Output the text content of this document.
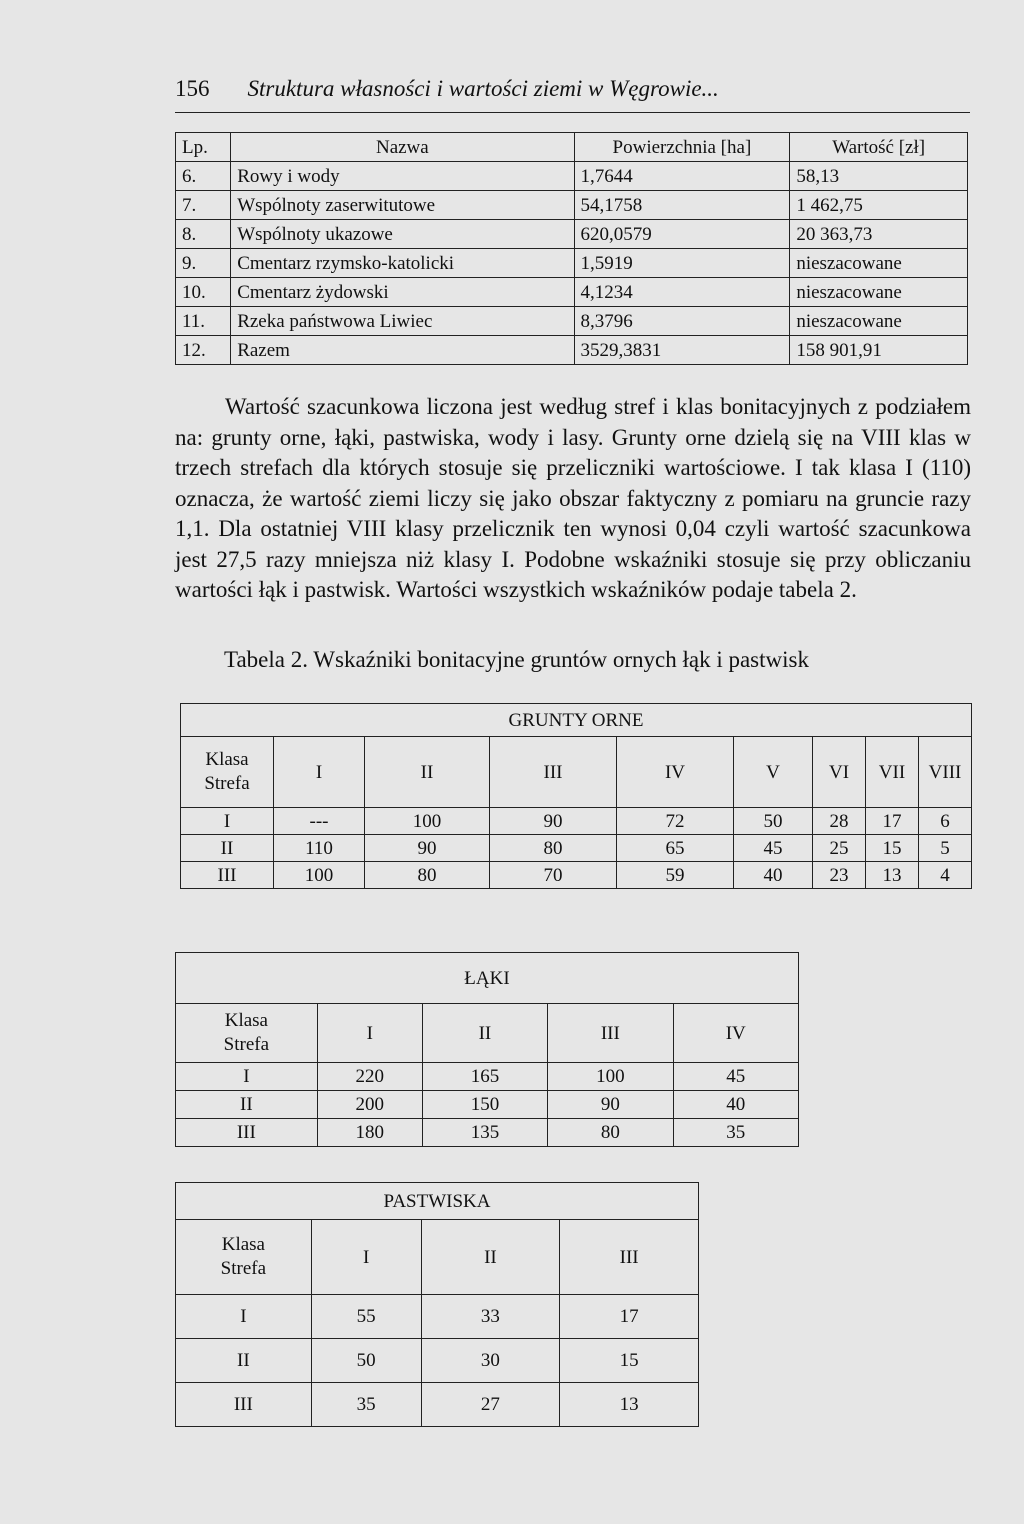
156 Struktura własności i wartości ziemi w Węgrowie...
Lp.	Nazwa	Powierzchnia [ha]	Wartość [zł]
6.	Rowy i wody	1,7644	58,13
7.	Wspólnoty zaserwitutowe	54,1758	1 462,75
8.	Wspólnoty ukazowe	620,0579	20 363,73
9.	Cmentarz rzymsko-katolicki	1,5919	nieszacowane
10.	Cmentarz żydowski	4,1234	nieszacowane
11.	Rzeka państwowa Liwiec	8,3796	nieszacowane
12.	Razem	3529,3831	158 901,91

Wartość szacunkowa liczona jest według stref i klas bonitacyjnych z podziałem na: grunty orne, łąki, pastwiska, wody i lasy. Grunty orne dzielą się na VIII klas w trzech strefach dla których stosuje się przeliczniki wartościowe. I tak klasa I (110) oznacza, że wartość ziemi liczy się jako obszar faktyczny z pomiaru na gruncie razy 1,1. Dla ostatniej VIII klasy przelicznik ten wynosi 0,04 czyli wartość szacunkowa jest 27,5 razy mniejsza niż klasy I. Podobne wskaźniki stosuje się przy obliczaniu wartości łąk i pastwisk. Wartości wszystkich wskaźników podaje tabela 2.

Tabela 2. Wskaźniki bonitacyjne gruntów ornych łąk i pastwisk
GRUNTY ORNE								
Klasa
Strefa	I	II	III	IV	V	VI	VII	VIII
I	---	100	90	72	50	28	17	6
II	110	90	80	65	45	25	15	5
III	100	80	70	59	40	23	13	4
ŁĄKI				
Klasa
Strefa	I	II	III	IV
I	220	165	100	45
II	200	150	90	40
III	180	135	80	35
PASTWISKA			
Klasa
Strefa	I	II	III
I	55	33	17
II	50	30	15
III	35	27	13
